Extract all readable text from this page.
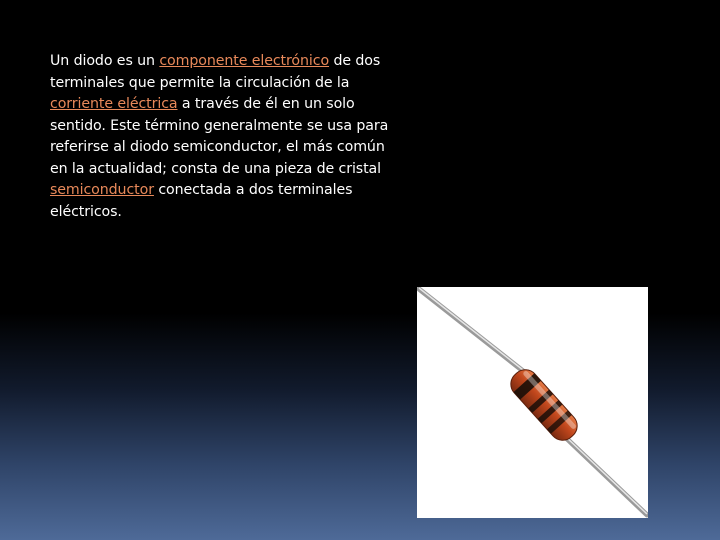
Un diodo es un componente electrónico de dos terminales que permite la circulación de la corriente eléctrica a través de él en un solo sentido. Este término generalmente se usa para referirse al diodo semiconductor, el más común en la actualidad; consta de una pieza de cristal semiconductor conectada a dos terminales eléctricos.
